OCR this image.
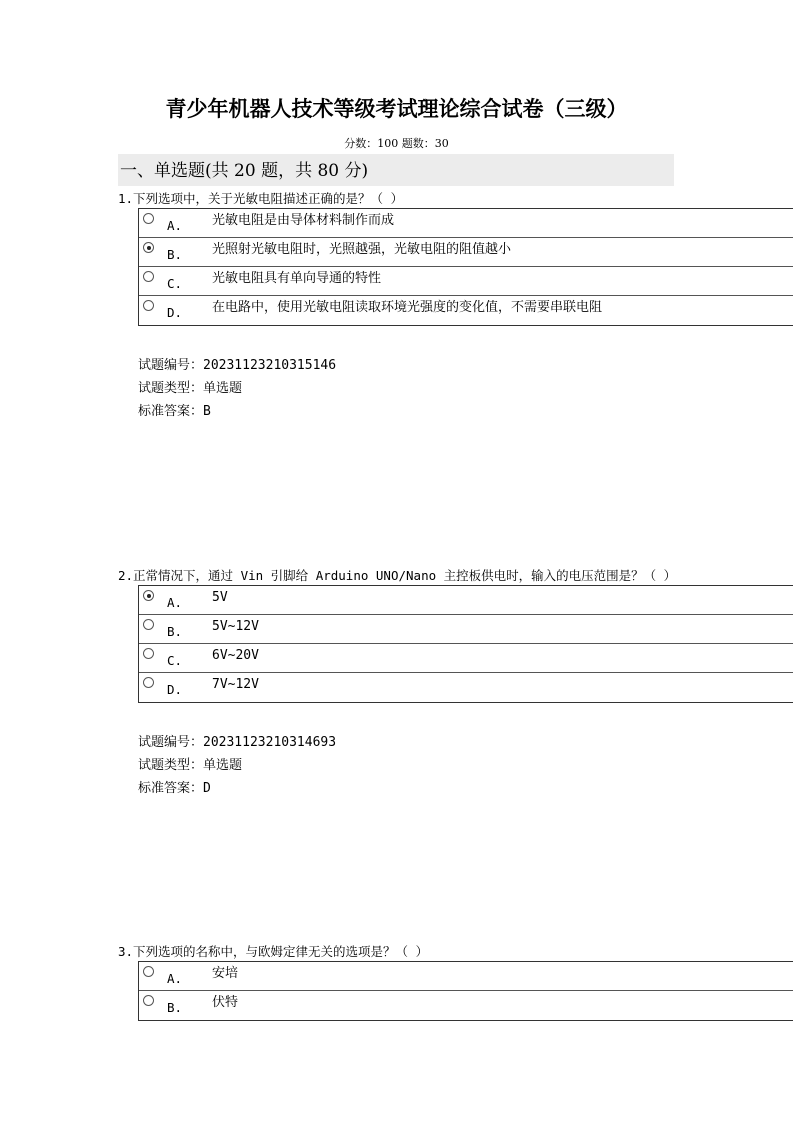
青少年机器人技术等级考试理论综合试卷（三级）
分数：100 题数：30
一、单选题(共 20 题，共 80 分)
1.下列选项中，关于光敏电阻描述正确的是？（ ）
A. 光敏电阻是由导体材料制作而成
B. 光照射光敏电阻时，光照越强，光敏电阻的阻值越小
C. 光敏电阻具有单向导通的特性
D. 在电路中，使用光敏电阻读取环境光强度的变化值，不需要串联电阻
试题编号：20231123210315146
试题类型：单选题
标准答案：B
2.正常情况下，通过 Vin 引脚给 Arduino UNO/Nano 主控板供电时，输入的电压范围是？（ ）
A. 5V
B. 5V~12V
C. 6V~20V
D. 7V~12V
试题编号：20231123210314693
试题类型：单选题
标准答案：D
3.下列选项的名称中，与欧姆定律无关的选项是？（ ）
A. 安培
B. 伏特
